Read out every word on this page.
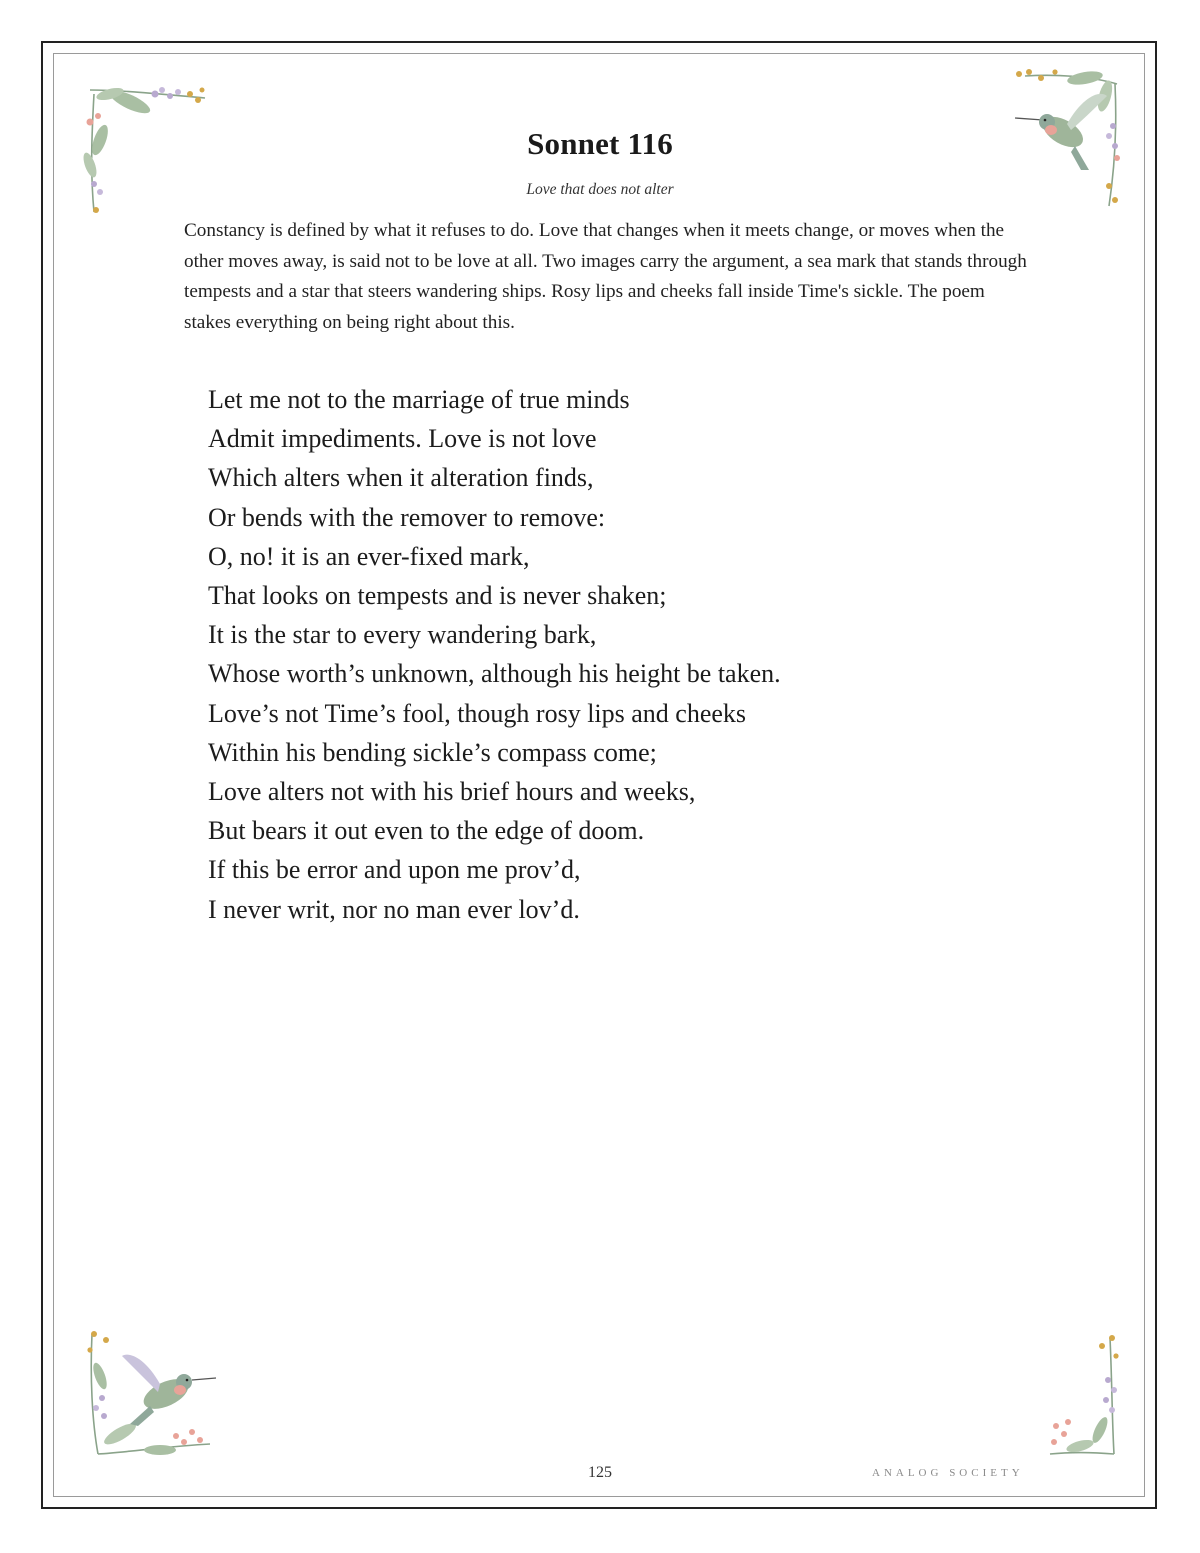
Sonnet 116
Love that does not alter

Constancy is defined by what it refuses to do. Love that changes when it meets change, or moves when the other moves away, is said not to be love at all. Two images carry the argument, a sea mark that stands through tempests and a star that steers wandering ships. Rosy lips and cheeks fall inside Time's sickle. The poem stakes everything on being right about this.

Let me not to the marriage of true minds
Admit impediments. Love is not love
Which alters when it alteration finds,
Or bends with the remover to remove:
O, no! it is an ever-fixed mark,
That looks on tempests and is never shaken;
It is the star to every wandering bark,
Whose worth’s unknown, although his height be taken.
Love’s not Time’s fool, though rosy lips and cheeks
Within his bending sickle’s compass come;
Love alters not with his brief hours and weeks,
But bears it out even to the edge of doom.
If this be error and upon me prov’d,
I never writ, nor no man ever lov’d.
125	ANALOG SOCIETY
